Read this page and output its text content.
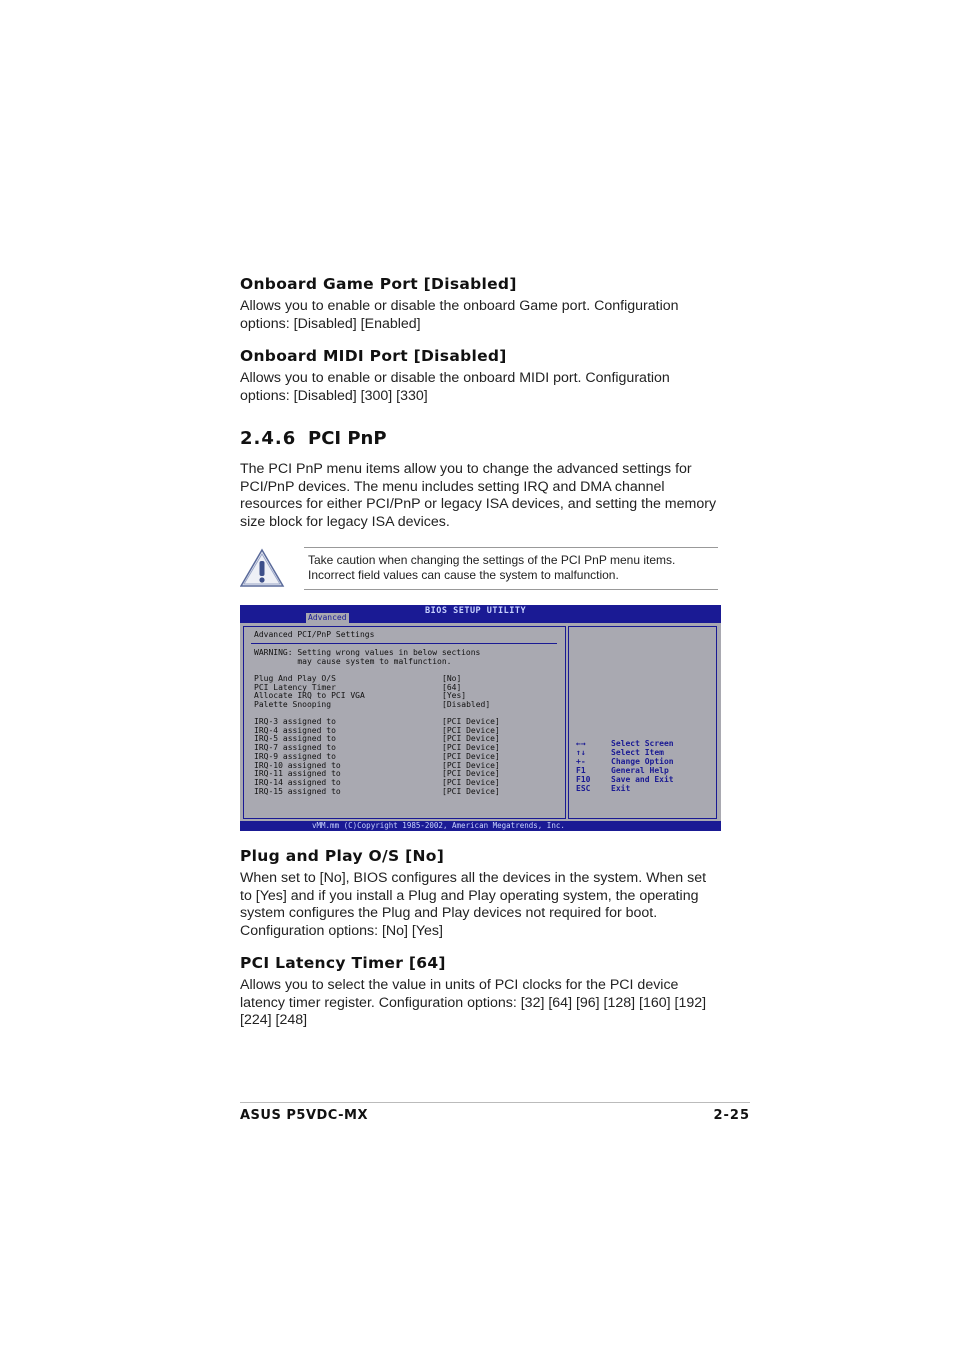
Onboard Game Port [Disabled]

Allows you to enable or disable the onboard Game port. Configuration options: [Disabled] [Enabled]

Onboard MIDI Port [Disabled]

Allows you to enable or disable the onboard MIDI port. Configuration options: [Disabled] [300] [330]

2.4.6 PCI PnP

The PCI PnP menu items allow you to change the advanced settings for PCI/PnP devices. The menu includes setting IRQ and DMA channel resources for either PCI/PnP or legacy ISA devices, and setting the memory size block for legacy ISA devices.

Take caution when changing the settings of the PCI PnP menu items. Incorrect field values can cause the system to malfunction.
BIOS SETUP UTILITY
Advanced
Advanced PCI/PnP Settings
WARNING: Setting wrong values in below sections
may cause system to malfunction.
Plug And Play O/S
PCI Latency Timer
Allocate IRQ to PCI VGA
Palette Snooping
[No]
[64]
[Yes]
[Disabled]
IRQ-3 assigned to
IRQ-4 assigned to
IRQ-5 assigned to
IRQ-7 assigned to
IRQ-9 assigned to
IRQ-10 assigned to
IRQ-11 assigned to
IRQ-14 assigned to
IRQ-15 assigned to
[PCI Device]
[PCI Device]
[PCI Device]
[PCI Device]
[PCI Device]
[PCI Device]
[PCI Device]
[PCI Device]
[PCI Device]
←→
↑↓
+-
F1
F10
ESC
Select Screen
Select Item
Change Option
General Help
Save and Exit
Exit
vMM.mm (C)Copyright 1985-2002, American Megatrends, Inc.
Plug and Play O/S [No]

When set to [No], BIOS configures all the devices in the system. When set to [Yes] and if you install a Plug and Play operating system, the operating system configures the Plug and Play devices not required for boot. Configuration options: [No] [Yes]

PCI Latency Timer [64]

Allows you to select the value in units of PCI clocks for the PCI device latency timer register. Configuration options: [32] [64] [96] [128] [160] [192] [224] [248]

ASUS P5VDC-MX	2-25
